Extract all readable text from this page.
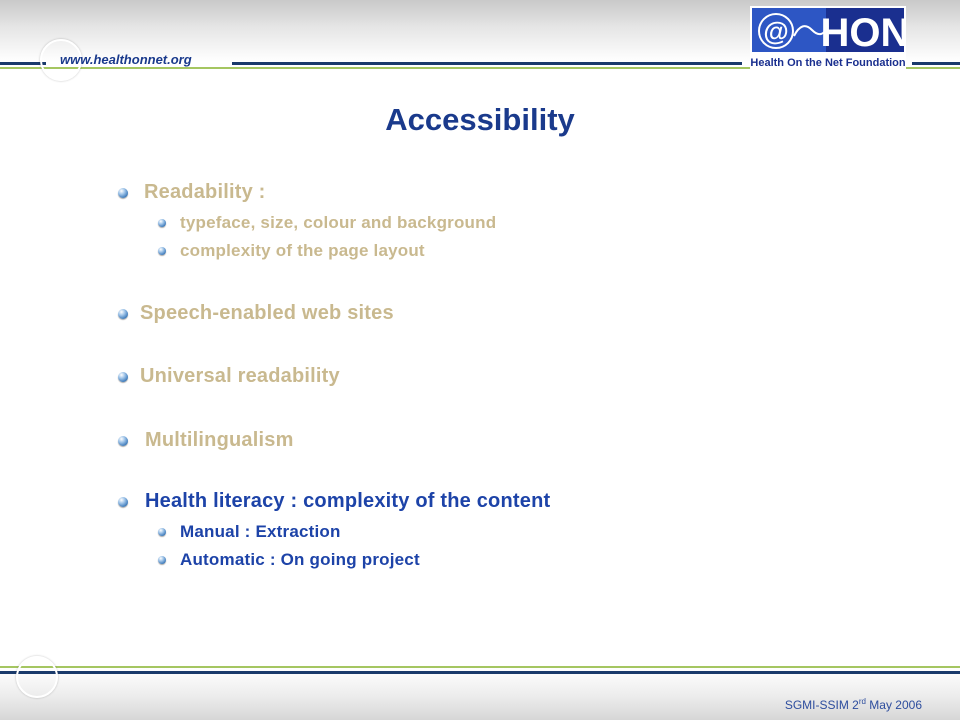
www.healthonnet.org
@ HON
Health On the Net Foundation
Accessibility
Readability :
typeface, size, colour and background
complexity of the page layout
Speech-enabled web sites
Universal readability
Multilingualism
Health literacy : complexity of the content
Manual : Extraction
Automatic : On going project
SGMI-SSIM 2rd May 2006
